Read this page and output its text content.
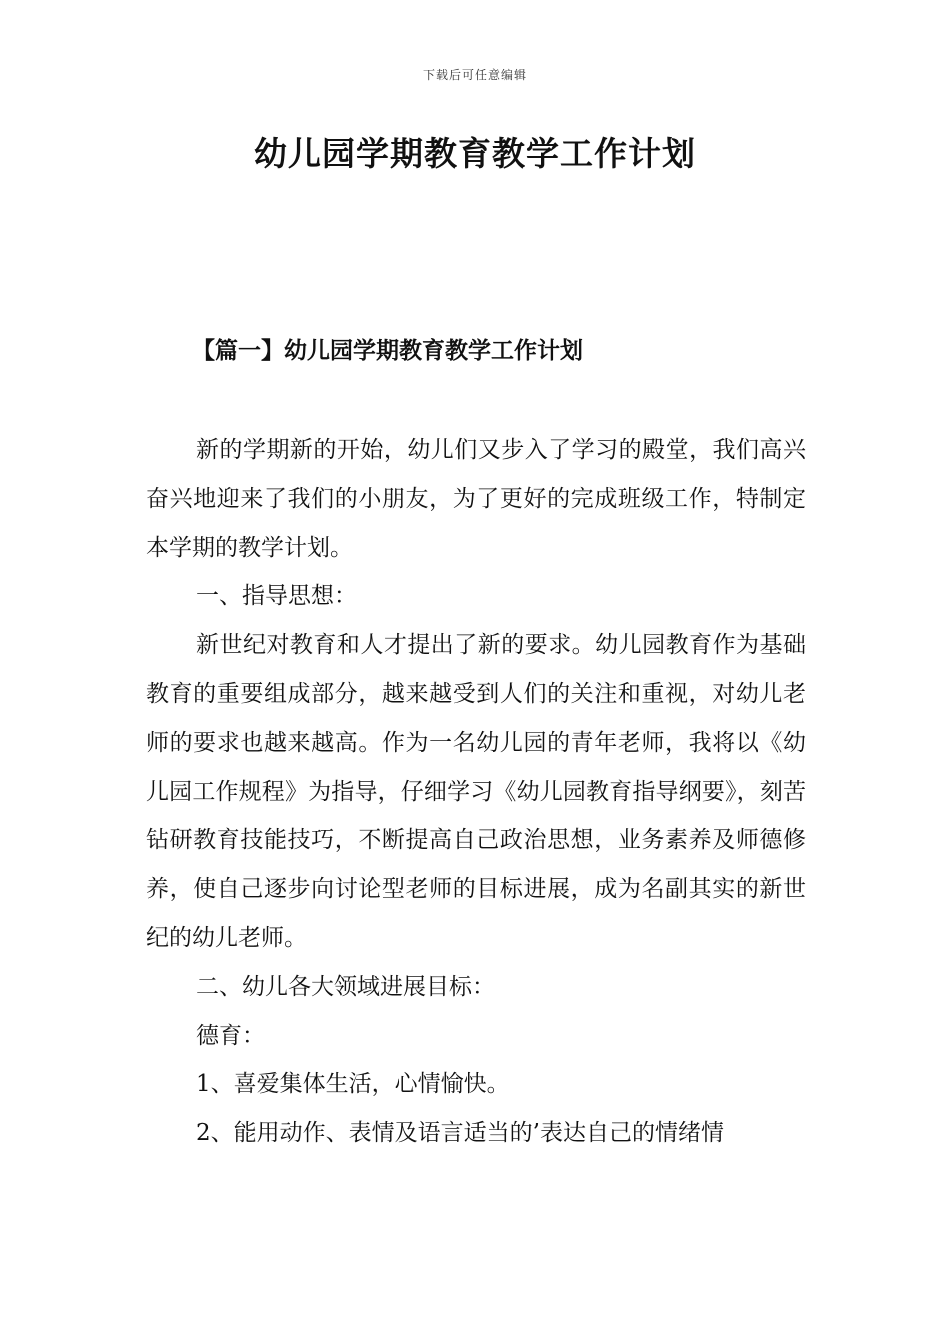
下载后可任意编辑
幼儿园学期教育教学工作计划
【篇一】幼儿园学期教育教学工作计划

新的学期新的开始，幼儿们又步入了学习的殿堂，我们高兴奋兴地迎来了我们的小朋友，为了更好的完成班级工作，特制定本学期的教学计划。

一、指导思想：

新世纪对教育和人才提出了新的要求。幼儿园教育作为基础教育的重要组成部分，越来越受到人们的关注和重视，对幼儿老师的要求也越来越高。作为一名幼儿园的青年老师，我将以《幼儿园工作规程》为指导，仔细学习《幼儿园教育指导纲要》，刻苦钻研教育技能技巧，不断提高自己政治思想，业务素养及师德修养，使自己逐步向讨论型老师的目标进展，成为名副其实的新世纪的幼儿老师。

二、幼儿各大领域进展目标：

德育：

1、喜爱集体生活，心情愉快。

2、能用动作、表情及语言适当的’表达自己的情绪情
